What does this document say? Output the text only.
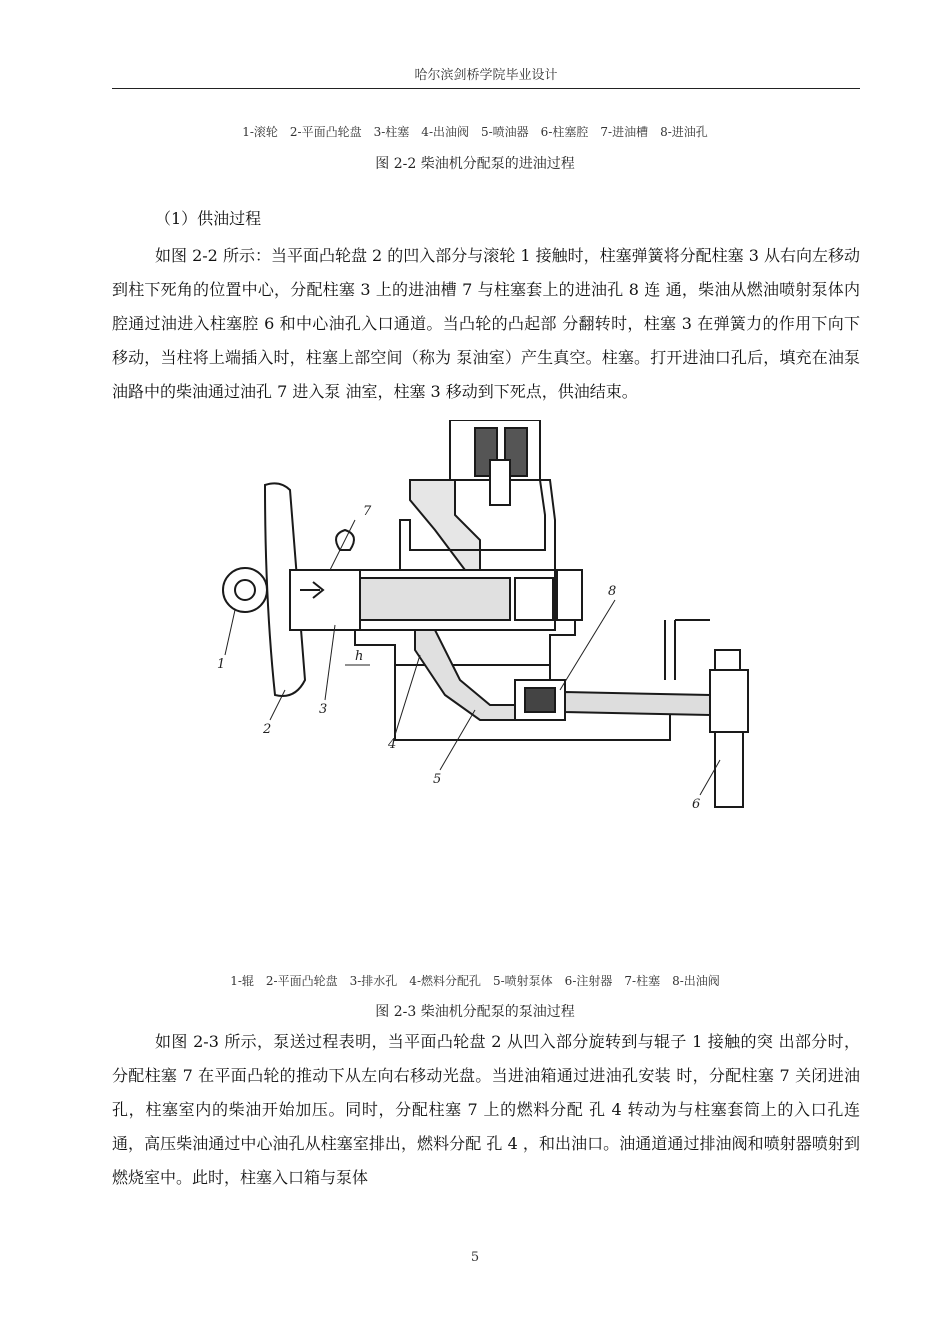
哈尔滨剑桥学院毕业设计
1-滚轮　2-平面凸轮盘　3-柱塞　4-出油阀　5-喷油器　6-柱塞腔　7-进油槽　8-进油孔
图 2-2 柴油机分配泵的进油过程
（1）供油过程

如图 2-2 所示：当平面凸轮盘 2 的凹入部分与滚轮 1 接触时，柱塞弹簧将分配柱塞 3 从右向左移动到柱下死角的位置中心，分配柱塞 3 上的进油槽 7 与柱塞套上的进油孔 8 连 通，柴油从燃油喷射泵体内腔通过油进入柱塞腔 6 和中心油孔入口通道。当凸轮的凸起部 分翻转时，柱塞 3 在弹簧力的作用下向下移动，当柱将上端插入时，柱塞上部空间（称为 泵油室）产生真空。柱塞。打开进油口孔后，填充在油泵油路中的柴油通过油孔 7 进入泵 油室，柱塞 3 移动到下死点，供油结束。

1
2
3
4
5
6
7
8
h
1-辊　2-平面凸轮盘　3-排水孔　4-燃料分配孔　5-喷射泵体　6-注射器　7-柱塞　8-出油阀
图 2-3 柴油机分配泵的泵油过程

如图 2-3 所示，泵送过程表明，当平面凸轮盘 2 从凹入部分旋转到与辊子 1 接触的突 出部分时，分配柱塞 7 在平面凸轮的推动下从左向右移动光盘。当进油箱通过进油孔安装 时，分配柱塞 7 关闭进油孔，柱塞室内的柴油开始加压。同时，分配柱塞 7 上的燃料分配 孔 4 转动为与柱塞套筒上的入口孔连通，高压柴油通过中心油孔从柱塞室排出，燃料分配 孔 4 ，和出油口。油通道通过排油阀和喷射器喷射到燃烧室中。此时，柱塞入口箱与泵体

5
